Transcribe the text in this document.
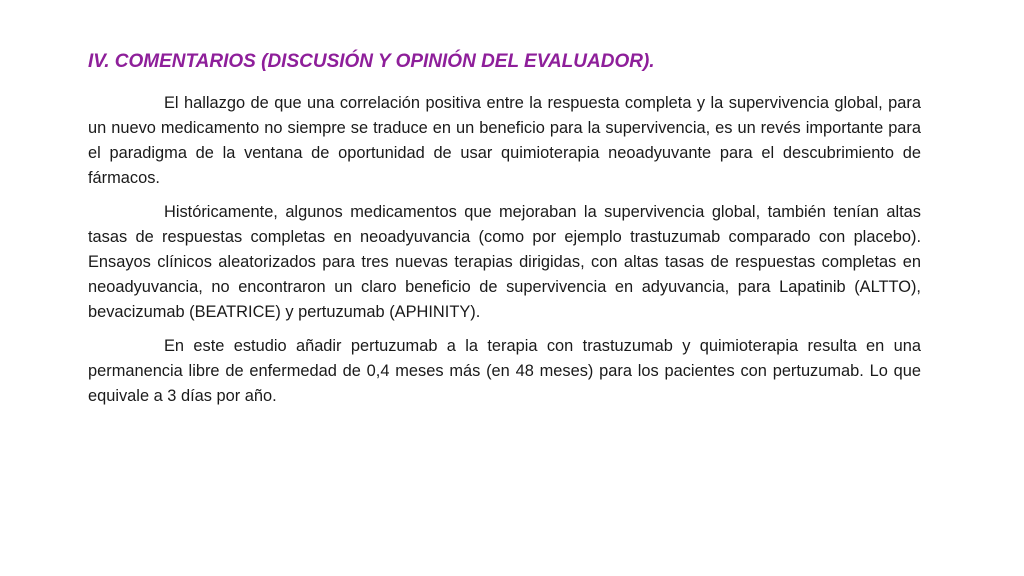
IV. COMENTARIOS (DISCUSIÓN Y OPINIÓN DEL EVALUADOR).

El hallazgo de que una correlación positiva entre la respuesta completa y la supervivencia global, para un nuevo medicamento no siempre se traduce en un beneficio para la supervivencia, es un revés importante para el paradigma de la ventana de oportunidad de usar quimioterapia neoadyuvante para el descubrimiento de fármacos.

Históricamente, algunos medicamentos que mejoraban la supervivencia global, también tenían altas tasas de respuestas completas en neoadyuvancia (como por ejemplo trastuzumab comparado con placebo). Ensayos clínicos aleatorizados para tres nuevas terapias dirigidas, con altas tasas de respuestas completas en neoadyuvancia, no encontraron un claro beneficio de supervivencia en adyuvancia, para Lapatinib (ALTTO), bevacizumab (BEATRICE) y pertuzumab (APHINITY).

En este estudio añadir pertuzumab a la terapia con trastuzumab y quimioterapia resulta en una permanencia libre de enfermedad de 0,4 meses más (en 48 meses) para los pacientes con pertuzumab. Lo que equivale a 3 días por año.
